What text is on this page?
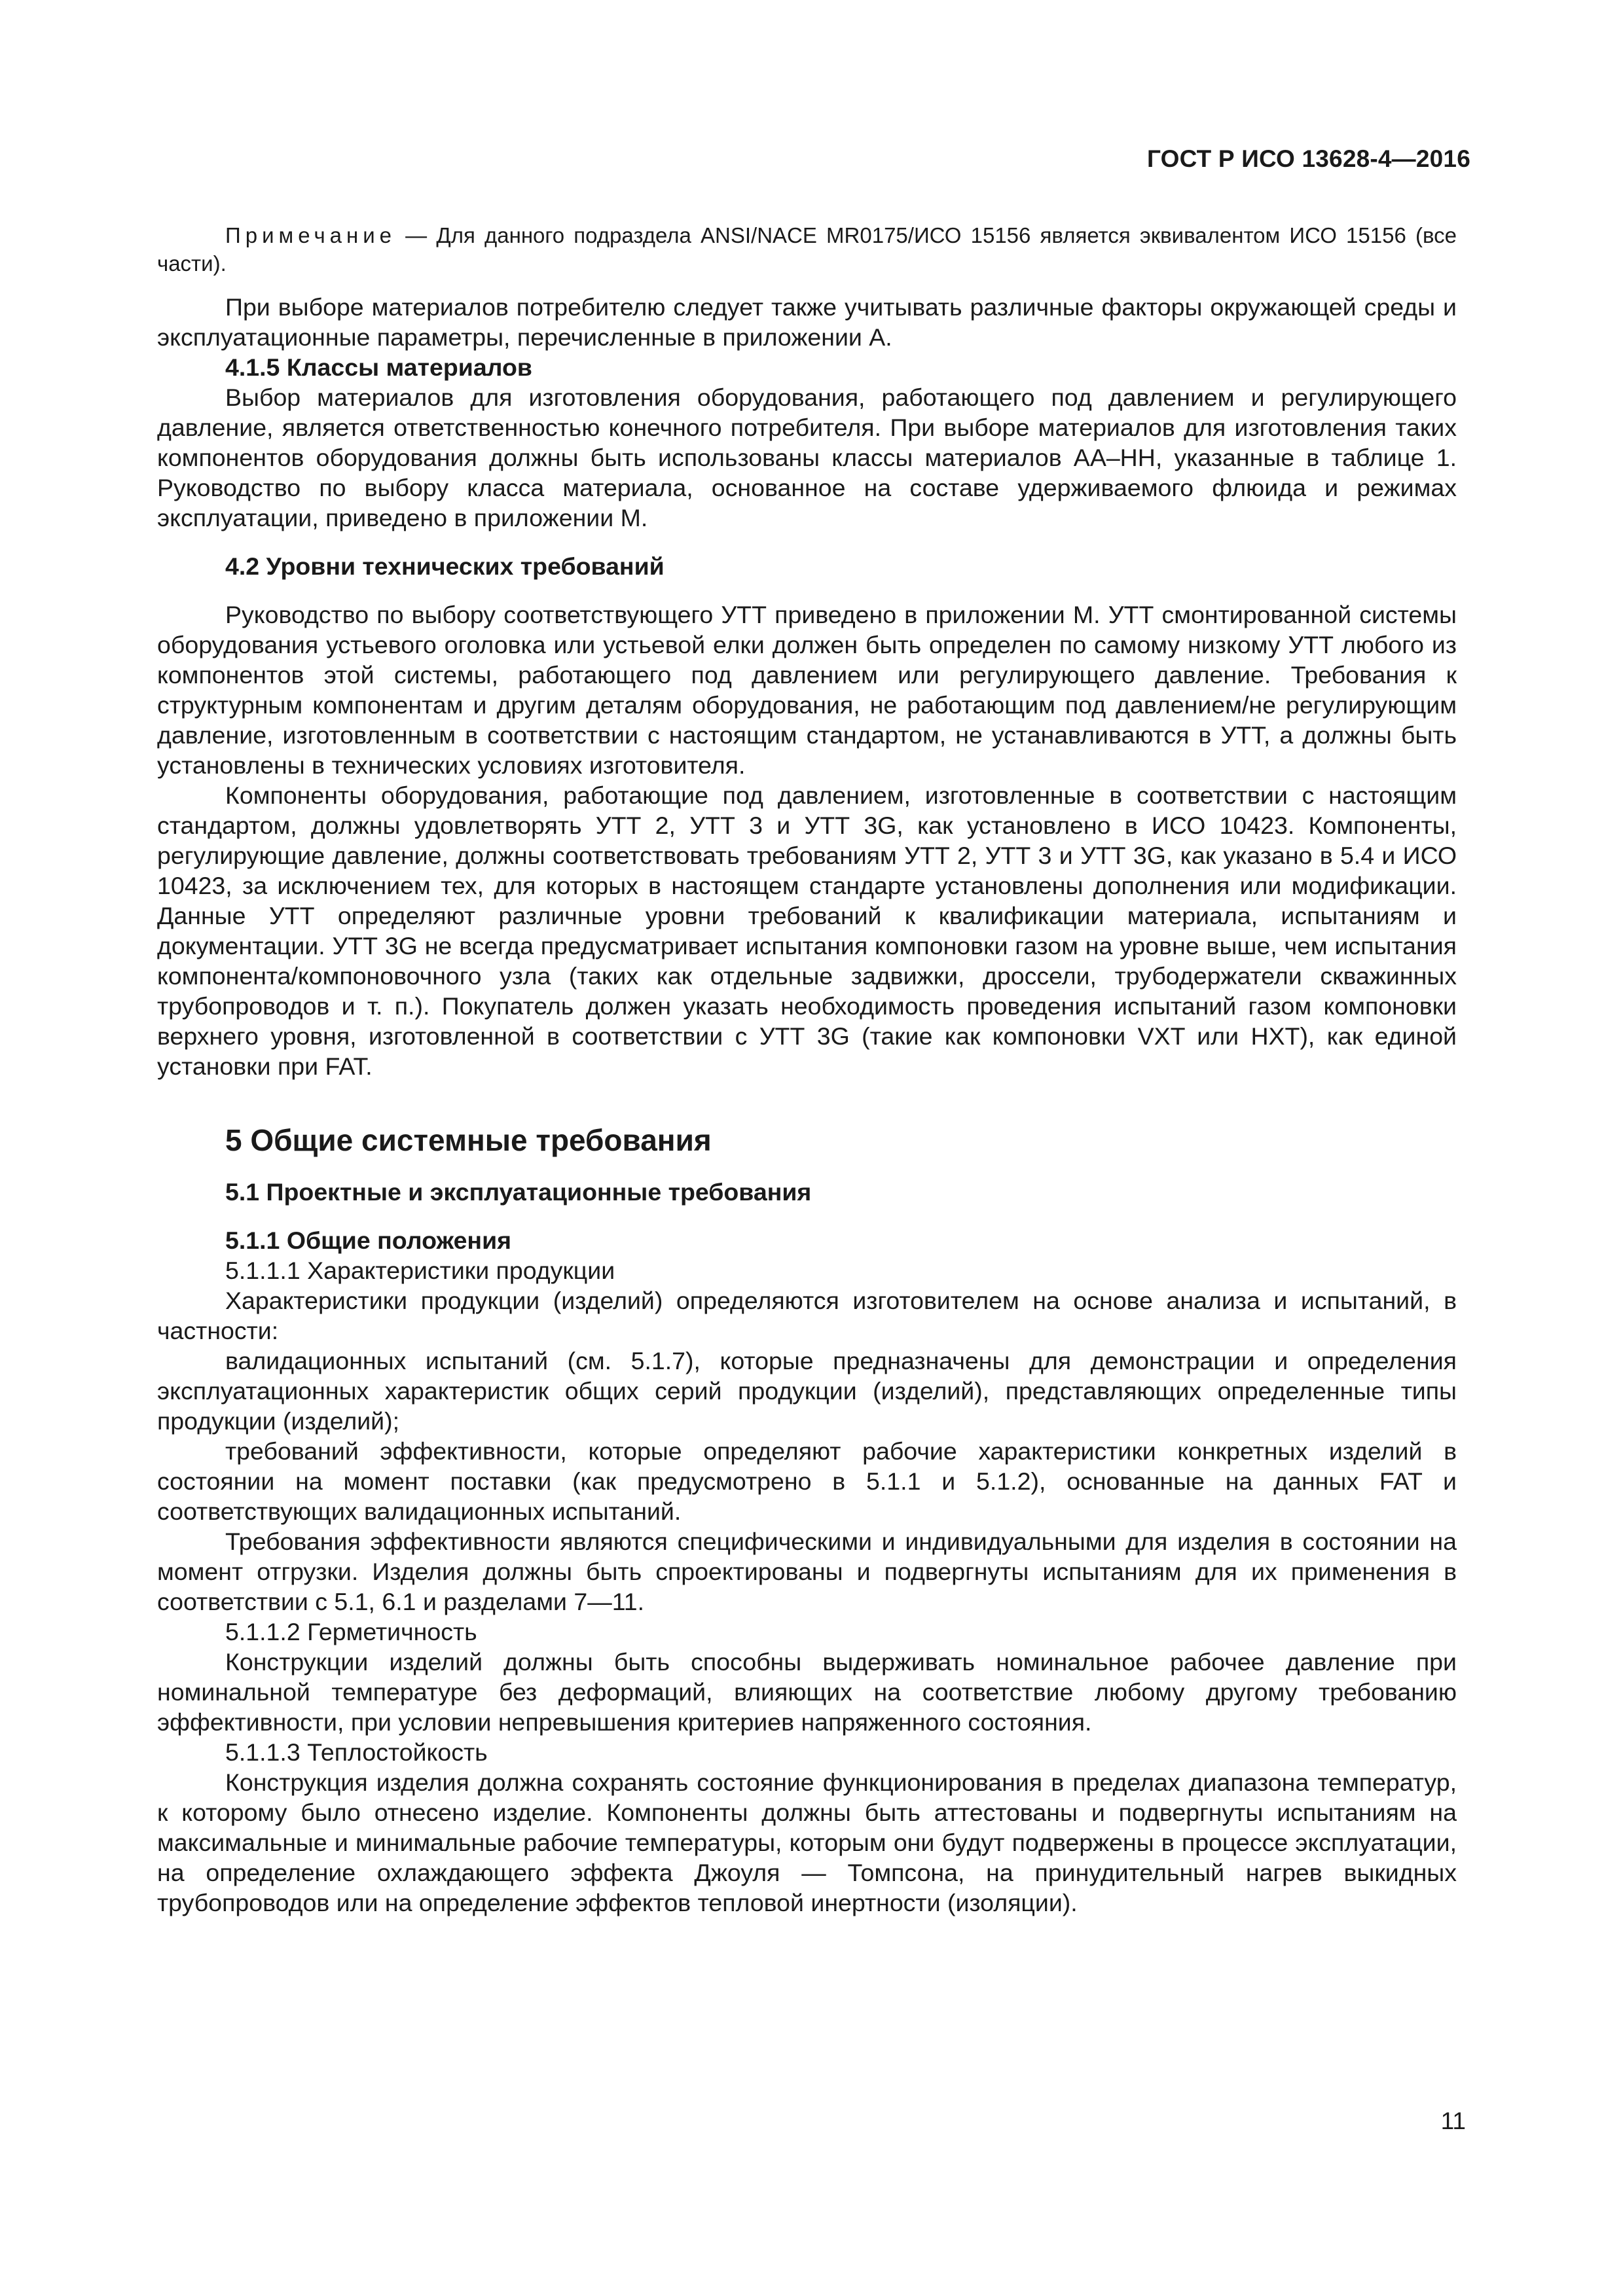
ГОСТ Р ИСО 13628-4—2016

Примечание — Для данного подраздела ANSI/NACE MR0175/ИСО 15156 является эквивалентом ИСО 15156 (все части).

При выборе материалов потребителю следует также учитывать различные факторы окружающей среды и эксплуатационные параметры, перечисленные в приложении А.

4.1.5 Классы материалов

Выбор материалов для изготовления оборудования, работающего под давлением и регулирующего давление, является ответственностью конечного потребителя. При выборе материалов для изготовления таких компонентов оборудования должны быть использованы классы материалов АА–НН, указанные в таблице 1. Руководство по выбору класса материала, основанное на составе удерживаемого флюида и режимах эксплуатации, приведено в приложении М.

4.2 Уровни технических требований

Руководство по выбору соответствующего УТТ приведено в приложении М. УТТ смонтированной системы оборудования устьевого оголовка или устьевой елки должен быть определен по самому низкому УТТ любого из компонентов этой системы, работающего под давлением или регулирующего давление. Требования к структурным компонентам и другим деталям оборудования, не работающим под давлением/не регулирующим давление, изготовленным в соответствии с настоящим стандартом, не устанавливаются в УТТ, а должны быть установлены в технических условиях изготовителя.

Компоненты оборудования, работающие под давлением, изготовленные в соответствии с настоящим стандартом, должны удовлетворять УТТ 2, УТТ 3 и УТТ 3G, как установлено в ИСО 10423. Компоненты, регулирующие давление, должны соответствовать требованиям УТТ 2, УТТ 3 и УТТ 3G, как указано в 5.4 и ИСО 10423, за исключением тех, для которых в настоящем стандарте установлены дополнения или модификации. Данные УТТ определяют различные уровни требований к квалификации материала, испытаниям и документации. УТТ 3G не всегда предусматривает испытания компоновки газом на уровне выше, чем испытания компонента/компоновочного узла (таких как отдельные задвижки, дроссели, трубодержатели скважинных трубопроводов и т. п.). Покупатель должен указать необходимость проведения испытаний газом компоновки верхнего уровня, изготовленной в соответствии с УТТ 3G (такие как компоновки VXT или НХТ), как единой установки при FAT.

5 Общие системные требования

5.1 Проектные и эксплуатационные требования

5.1.1 Общие положения

5.1.1.1 Характеристики продукции

Характеристики продукции (изделий) определяются изготовителем на основе анализа и испытаний, в частности:

валидационных испытаний (см. 5.1.7), которые предназначены для демонстрации и определения эксплуатационных характеристик общих серий продукции (изделий), представляющих определенные типы продукции (изделий);

требований эффективности, которые определяют рабочие характеристики конкретных изделий в состоянии на момент поставки (как предусмотрено в 5.1.1 и 5.1.2), основанные на данных FAT и соответствующих валидационных испытаний.

Требования эффективности являются специфическими и индивидуальными для изделия в состоянии на момент отгрузки. Изделия должны быть спроектированы и подвергнуты испытаниям для их применения в соответствии с 5.1, 6.1 и разделами 7—11.

5.1.1.2 Герметичность

Конструкции изделий должны быть способны выдерживать номинальное рабочее давление при номинальной температуре без деформаций, влияющих на соответствие любому другому требованию эффективности, при условии непревышения критериев напряженного состояния.

5.1.1.3 Теплостойкость

Конструкция изделия должна сохранять состояние функционирования в пределах диапазона температур, к которому было отнесено изделие. Компоненты должны быть аттестованы и подвергнуты испытаниям на максимальные и минимальные рабочие температуры, которым они будут подвержены в процессе эксплуатации, на определение охлаждающего эффекта Джоуля — Томпсона, на принудительный нагрев выкидных трубопроводов или на определение эффектов тепловой инертности (изоляции).

11
